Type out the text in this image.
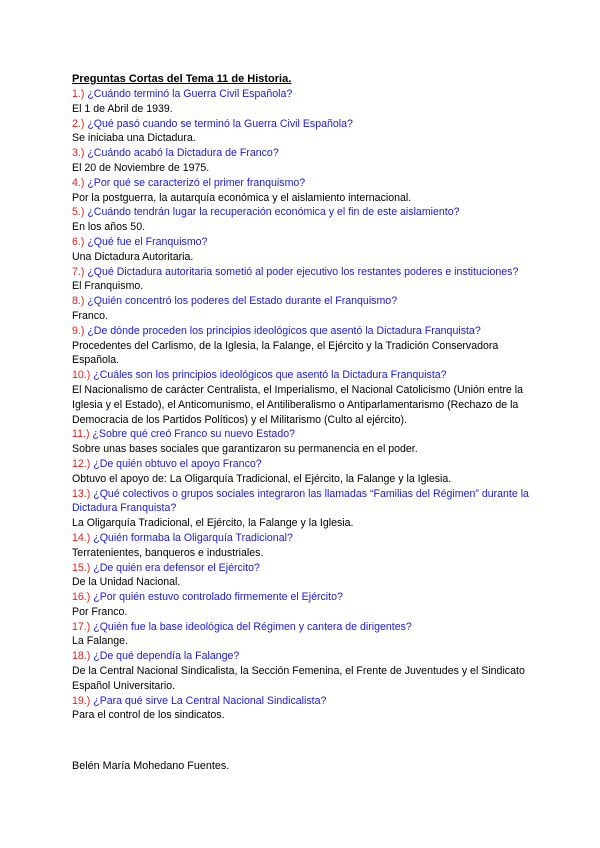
Preguntas Cortas del Tema 11 de Historia.
1.) ¿Cuándo terminó la Guerra Civil Española?
El 1 de Abril de 1939.
2.) ¿Qué pasó cuando se terminó la Guerra Civil Española?
Se iniciaba una Dictadura.
3.) ¿Cuándo acabó la Dictadura de Franco?
El 20 de Noviembre de 1975.
4.) ¿Por qué se caracterizó el primer franquismo?
Por la postguerra, la autarquía económica y el aislamiento internacional.
5.) ¿Cuándo tendrán lugar la recuperación económica y el fin de este aislamiento?
En los años 50.
6.) ¿Qué fue el Franquismo?
Una Dictadura Autoritaria.
7.) ¿Qué Dictadura autoritaria sometió al poder ejecutivo los restantes poderes e instituciones?
El Franquismo.
8.) ¿Quién concentró los poderes del Estado durante el Franquismo?
Franco.
9.) ¿De dónde proceden los principios ideológicos que asentó la Dictadura Franquista?
Procedentes del Carlismo, de la Iglesia, la Falange, el Ejército y la Tradición Conservadora Española.
10.) ¿Cuáles son los principios ideológicos que asentó la Dictadura Franquista?
El Nacionalismo de carácter Centralista, el Imperialismo, el Nacional Catolicismo (Unión entre la Iglesia y el Estado), el Anticomunismo, el Antiliberalismo o Antiparlamentarismo (Rechazo de la Democracia de los Partidos Políticos) y el Militarismo (Culto al ejército).
11.) ¿Sobre qué creó Franco su nuevo Estado?
Sobre unas bases sociales que garantizaron su permanencia en el poder.
12.) ¿De quién obtuvo el apoyo Franco?
Obtuvo el apoyo de: La Oligarquía Tradicional, el Ejército, la Falange y la Iglesia.
13.) ¿Qué colectivos o grupos sociales integraron las llamadas “Familias del Régimen” durante la Dictadura Franquista?
La Oligarquía Tradicional, el Ejército, la Falange y la Iglesia.
14.) ¿Quién formaba la Oligarquía Tradicional?
Terratenientes, banqueros e industriales.
15.) ¿De quién era defensor el Ejército?
De la Unidad Nacional.
16.) ¿Por quién estuvo controlado firmemente el Ejército?
Por Franco.
17.) ¿Quién fue la base ideológica del Régimen y cantera de dirigentes?
La Falange.
18.) ¿De qué dependía la Falange?
De la Central Nacional Sindicalista, la Sección Femenina, el Frente de Juventudes y el Sindicato Español Universitario.
19.) ¿Para qué sirve La Central Nacional Sindicalista?
Para el control de los sindicatos.
Belén María Mohedano Fuentes.
